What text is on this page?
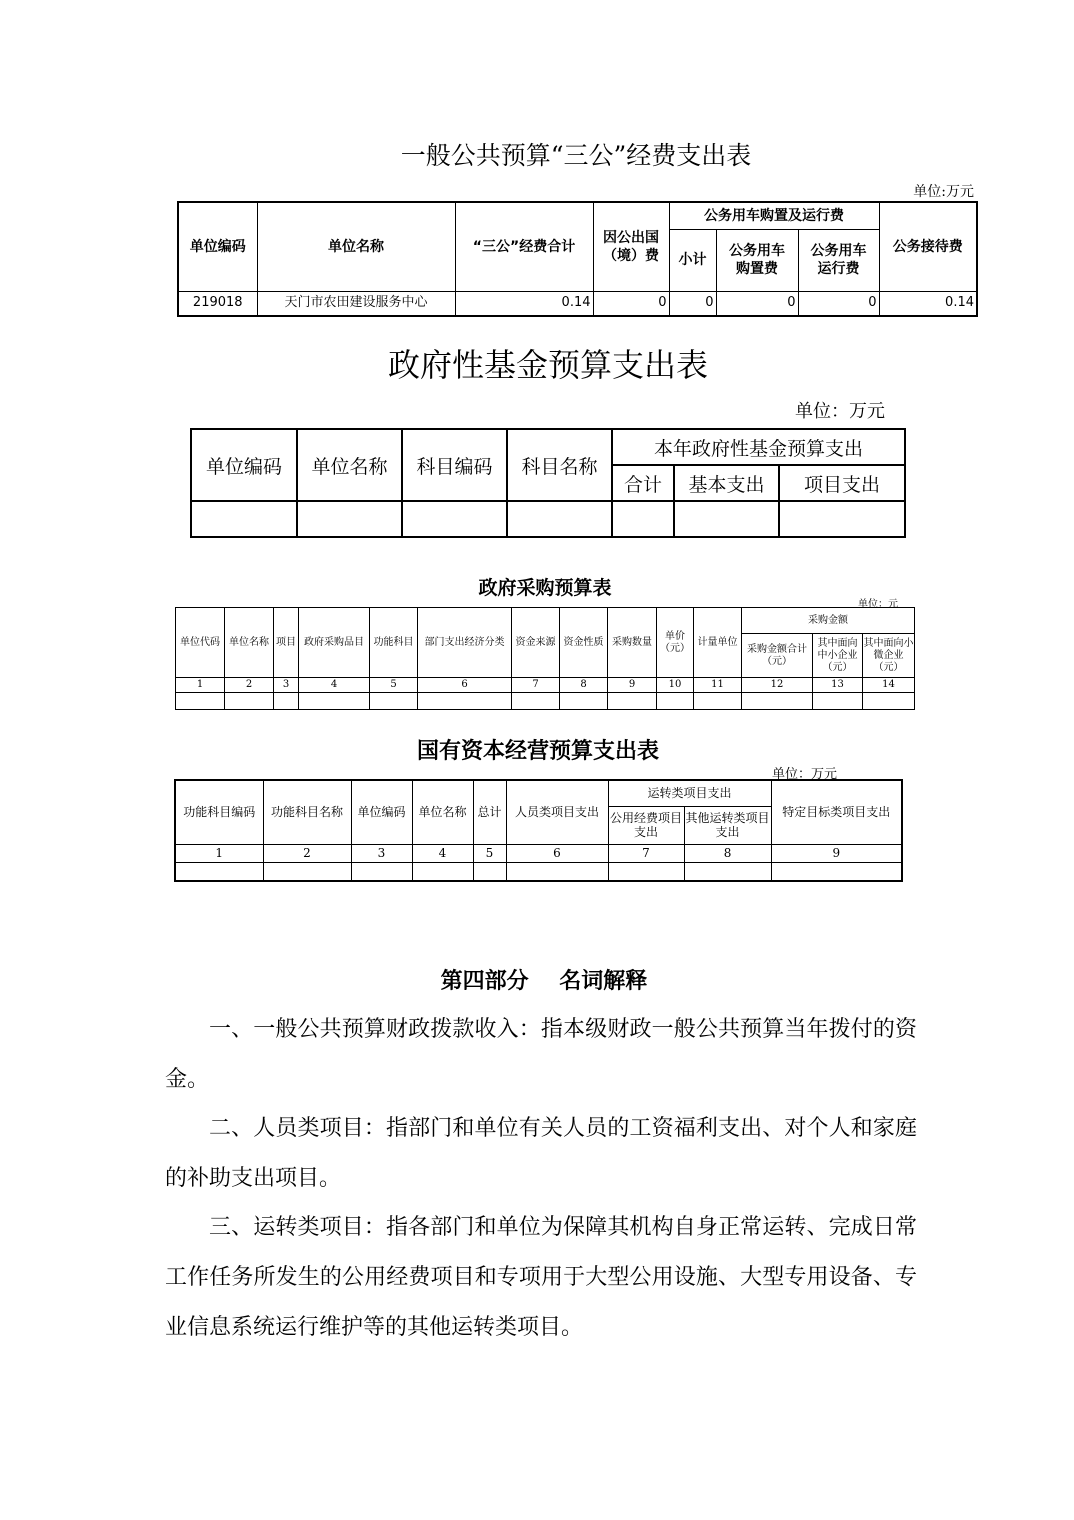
一般公共预算“三公”经费支出表
单位:万元
单位编码	单位名称	“三公”经费合计	因公出国（境）费	公务用车购置及运行费			公务接待费
				小计	公务用车购置费	公务用车运行费	
219018	天门市农田建设服务中心	0.14	0	0	0	0	0.14
政府性基金预算支出表
单位：万元
单位编码	单位名称	科目编码	科目名称	本年政府性基金预算支出		
				合计	基本支出	项目支出

政府采购预算表
单位：元
单位代码	单位名称	项目	政府采购品目	功能科目	部门支出经济分类	资金来源	资金性质	采购数量	单价（元）	计量单位	采购金额		
											采购金额合计（元）	其中面向中小企业（元）	其中面向小微企业（元）
1	2	3	4	5	6	7	8	9	10	11	12	13	14

国有资本经营预算支出表
单位：万元
功能科目编码	功能科目名称	单位编码	单位名称	总计	人员类项目支出	运转类项目支出		特定目标类项目支出
						公用经费项目支出	其他运转类项目支出	
1	2	3	4	5	6	7	8	9

第四部分    名词解释
一、一般公共预算财政拨款收入：指本级财政一般公共预算当年拨付的资金。
二、人员类项目：指部门和单位有关人员的工资福利支出、对个人和家庭的补助支出项目。
三、运转类项目：指各部门和单位为保障其机构自身正常运转、完成日常工作任务所发生的公用经费项目和专项用于大型公用设施、大型专用设备、专业信息系统运行维护等的其他运转类项目。
